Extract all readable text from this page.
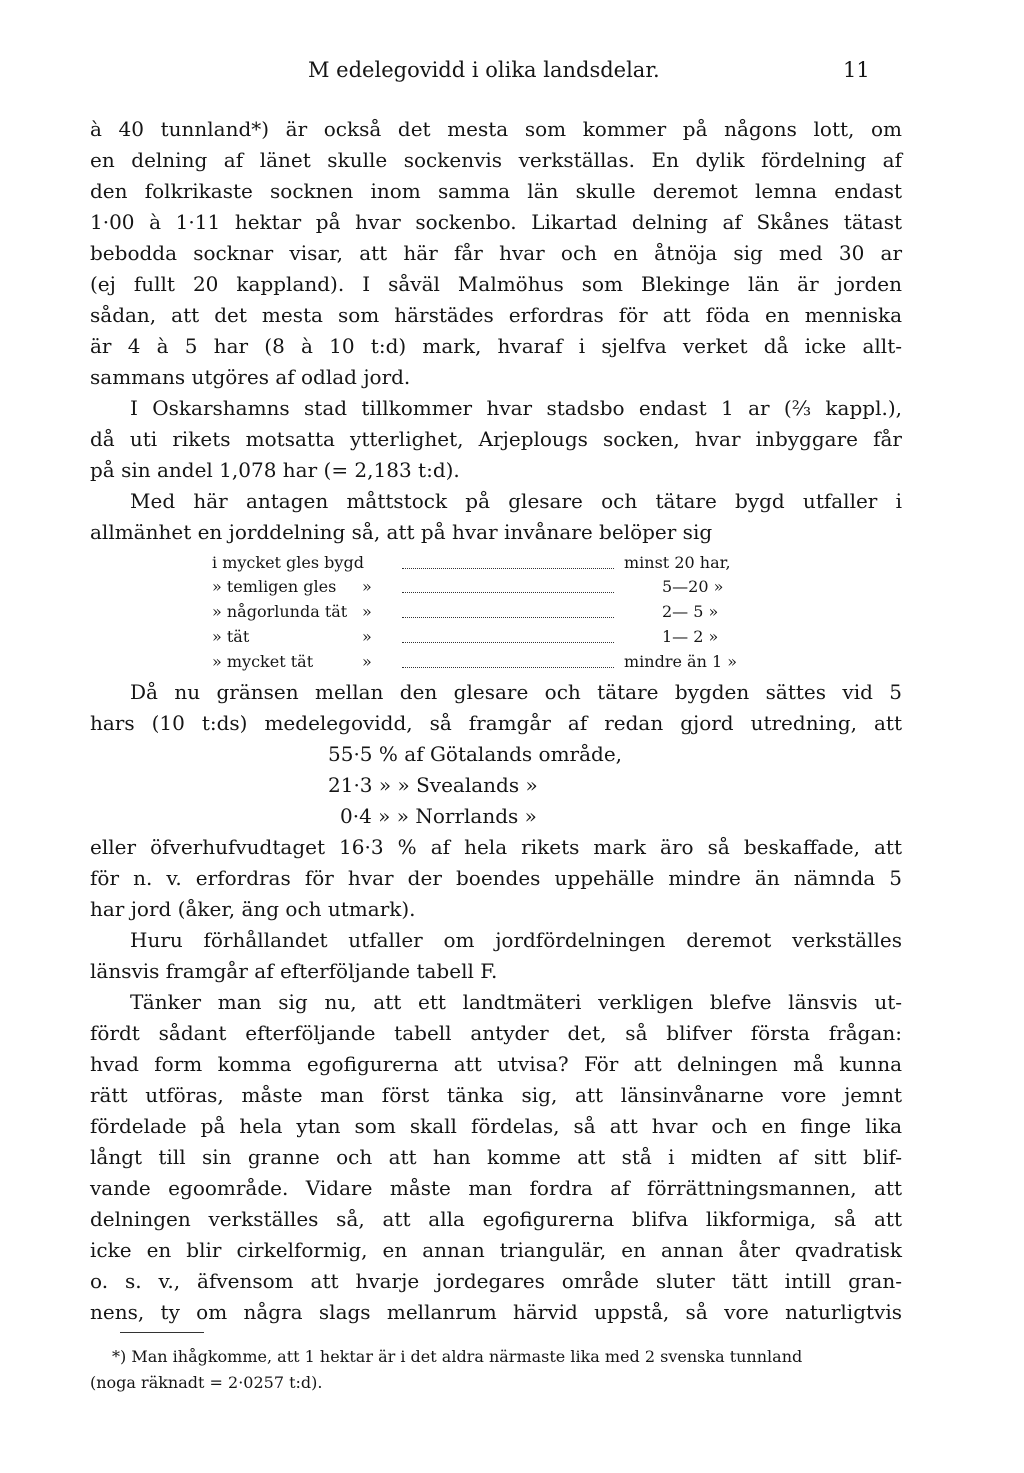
M edelegovidd i olika landsdelar.	11
à 40 tunnland*) är också det mesta som kommer på någons lott, om
en delning af länet skulle sockenvis verkställas. En dylik fördelning af
den folkrikaste socknen inom samma län skulle deremot lemna endast
1·00 à 1·11 hektar på hvar sockenbo. Likartad delning af Skånes tätast
bebodda socknar visar, att här får hvar och en åtnöja sig med 30 ar
(ej fullt 20 kappland). I såväl Malmöhus som Blekinge län är jorden
sådan, att det mesta som härstädes erfordras för att föda en menniska
är 4 à 5 har (8 à 10 t:d) mark, hvaraf i sjelfva verket då icke allt-
sammans utgöres af odlad jord.
I Oskarshamns stad tillkommer hvar stadsbo endast 1 ar (⅔ kappl.),
då uti rikets motsatta ytterlighet, Arjeplougs socken, hvar inbyggare får
på sin andel 1,078 har (= 2,183 t:d).
Med här antagen måttstock på glesare och tätare bygd utfaller i
allmänhet en jorddelning så, att på hvar invånare belöper sig
i mycket gles bygd	minst 20 har,
» temligen gles »	5—20 »
» någorlunda tät »	2— 5 »
» tät	»	1— 2 »
» mycket tät	»	mindre än 1 »
Då nu gränsen mellan den glesare och tätare bygden sättes vid 5
hars (10 t:ds) medelegovidd, så framgår af redan gjord utredning, att
55·5 % af Götalands område,
21·3 » » Svealands »
0·4 » » Norrlands »
eller öfverhufvudtaget 16·3 % af hela rikets mark äro så beskaffade, att
för n. v. erfordras för hvar der boendes uppehälle mindre än nämnda 5
har jord (åker, äng och utmark).
Huru förhållandet utfaller om jordfördelningen deremot verkställes
länsvis framgår af efterföljande tabell F.
Tänker man sig nu, att ett landtmäteri verkligen blefve länsvis ut-
fördt sådant efterföljande tabell antyder det, så blifver första frågan:
hvad form komma egofigurerna att utvisa? För att delningen må kunna
rätt utföras, måste man först tänka sig, att länsinvånarne vore jemnt
fördelade på hela ytan som skall fördelas, så att hvar och en finge lika
långt till sin granne och att han komme att stå i midten af sitt blif-
vande egoområde. Vidare måste man fordra af förrättningsmannen, att
delningen verkställes så, att alla egofigurerna blifva likformiga, så att
icke en blir cirkelformig, en annan triangulär, en annan åter qvadratisk
o. s. v., äfvensom att hvarje jordegares område sluter tätt intill gran-
nens, ty om några slags mellanrum härvid uppstå, så vore naturligtvis
*) Man ihågkomme, att 1 hektar är i det aldra närmaste lika med 2 svenska tunnland
(noga räknadt = 2·0257 t:d).
